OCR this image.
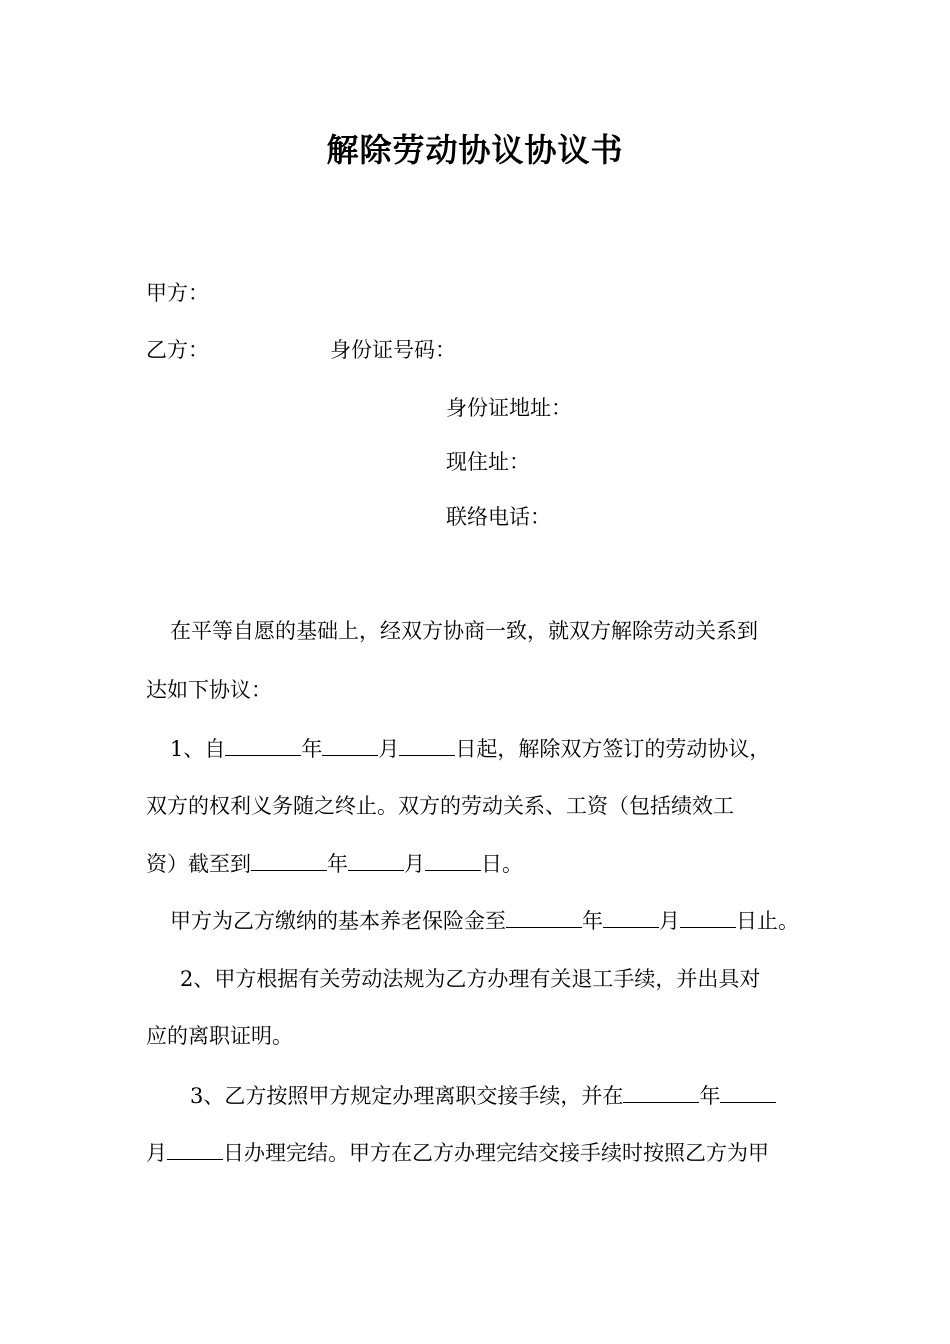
解除劳动协议协议书
甲方：
乙方：	身份证号码：
身份证地址：
现住址：
联络电话：
在平等自愿的基础上，经双方协商一致，就双方解除劳动关系到
达如下协议：
1、自	年	月	日起，解除双方签订的劳动协议，
双方的权利义务随之终止。双方的劳动关系、工资（包括绩效工
资）截至到	年	月	日。
甲方为乙方缴纳的基本养老保险金至	年	月	日止。
2、甲方根据有关劳动法规为乙方办理有关退工手续，并出具对
应的离职证明。
3、乙方按照甲方规定办理离职交接手续，并在	年
月	日办理完结。甲方在乙方办理完结交接手续时按照乙方为甲
